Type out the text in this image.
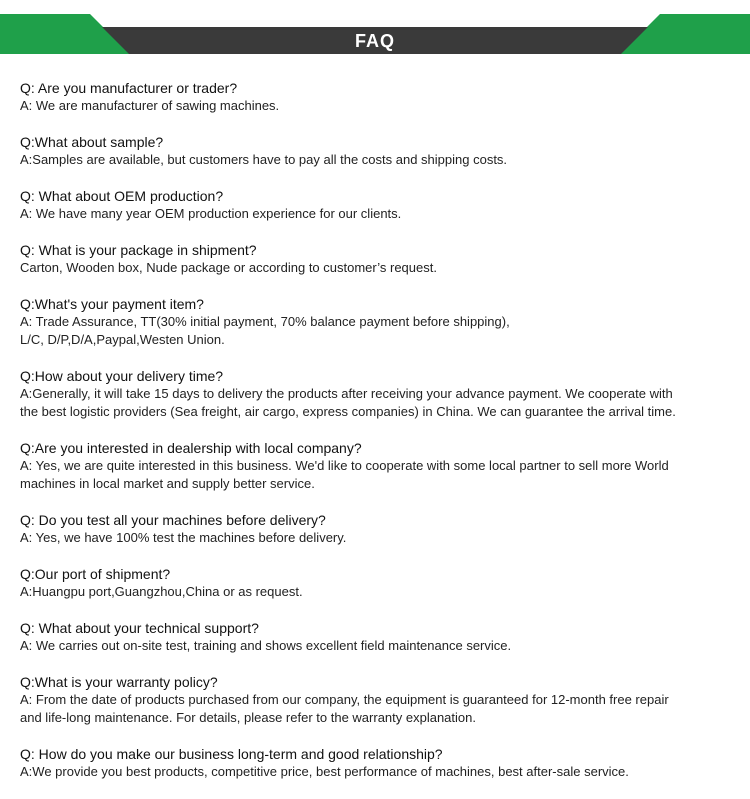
FAQ
Q: Are you manufacturer or trader?
A: We are manufacturer of sawing machines.
Q:What about sample?
A:Samples are available, but customers have to pay all the costs and shipping costs.
Q: What about OEM production?
A: We have many year OEM production experience for our clients.
Q: What is your package in shipment?
Carton, Wooden box, Nude package or according to customer’s request.
Q:What's your payment item?
A: Trade Assurance, TT(30% initial payment, 70% balance payment before shipping),
L/C, D/P,D/A,Paypal,Westen Union.
Q:How about your delivery time?
A:Generally, it will take 15 days to delivery the products after receiving your advance payment. We cooperate with
the best logistic providers (Sea freight, air cargo, express companies) in China. We can guarantee the arrival time.
Q:Are you interested in dealership with local company?
A: Yes, we are quite interested in this business. We'd like to cooperate with some local partner to sell more World
machines in local market and supply better service.
Q: Do you test all your machines before delivery?
A: Yes, we have 100% test the machines before delivery.
Q:Our port of shipment?
A:Huangpu port,Guangzhou,China or as request.
Q: What about your technical support?
A: We carries out on-site test, training and shows excellent field maintenance service.
Q:What is your warranty policy?
A: From the date of products purchased from our company, the equipment is guaranteed for 12-month free repair
and life-long maintenance. For details, please refer to the warranty explanation.
Q: How do you make our business long-term and good relationship?
A:We provide you best products, competitive price, best performance of machines, best after-sale service.
